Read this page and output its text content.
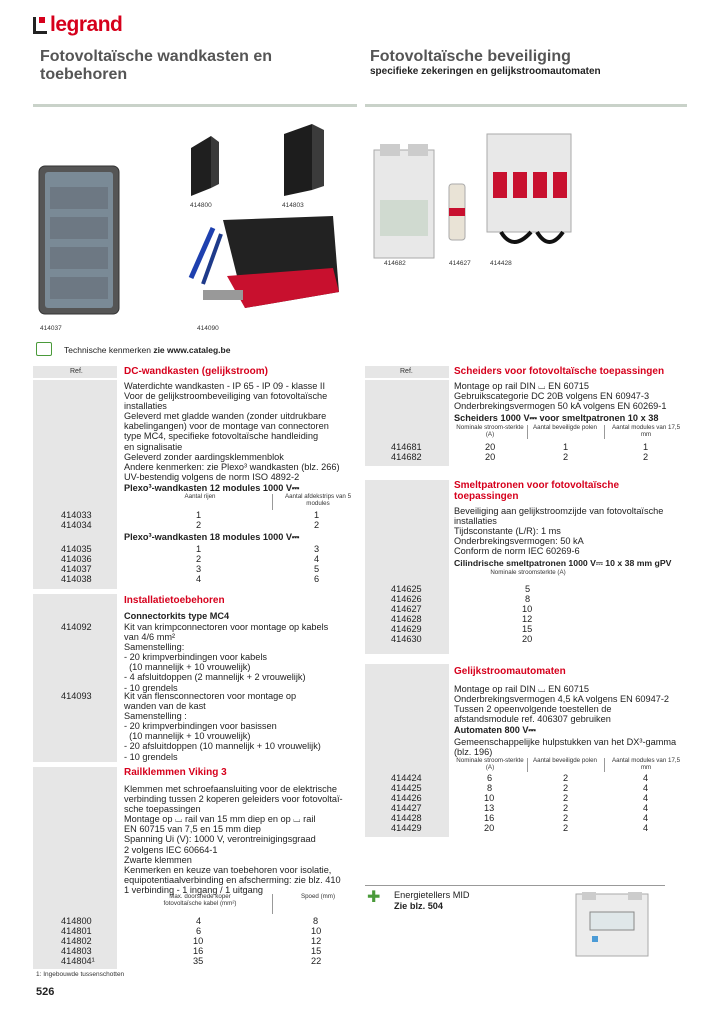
legrand
Fotovoltaïsche wandkasten en toebehoren
Fotovoltaïsche beveiliging
specifieke zekeringen en gelijkstroomautomaten
414037
414800	414803
414090
414682	414627	414428
Technische kenmerken zie www.cataleg.be
Ref.	DC-wandkasten (gelijkstroom)
Waterdichte wandkasten - IP 65 - IP 09 - klasse II
Voor de gelijkstroombeveiliging van fotovoltaïsche
installaties
Geleverd met gladde wanden (zonder uitdrukbare
kabelingangen) voor de montage van connectoren
type MC4, specifieke fotovoltaïsche handleiding
en signalisatie
Geleverd zonder aardingsklemmenblok
Andere kenmerken: zie Plexo³ wandkasten (blz. 266)
UV-bestendig volgens de norm ISO 4892-2
Plexo³-wandkasten 12 modules 1000 V⎓
Aantal rijen	Aantal afdekstrips van 5 modules
414033	1	1
414034	2	2
Plexo³-wandkasten 18 modules 1000 V⎓
414035	1	3
414036	2	4
414037	3	5
414038	4	6
Installatietoebehoren
Connectorkits type MC4
414092	Kit van krimpconnectoren voor montage op kabels
van 4/6 mm²
Samenstelling:
- 20 krimpverbindingen voor kabels
(10 mannelijk + 10 vrouwelijk)
- 4 afsluitdoppen (2 mannelijk + 2 vrouwelijk)
- 10 grendels
414093	Kit van flensconnectoren voor montage op
wanden van de kast
Samenstelling :
- 20 krimpverbindingen voor basissen
(10 mannelijk + 10 vrouwelijk)
- 20 afsluitdoppen (10 mannelijk + 10 vrouwelijk)
- 10 grendels
Railklemmen Viking 3
Klemmen met schroefaansluiting voor de elektrische
verbinding tussen 2 koperen geleiders voor fotovoltaï-
sche toepassingen
Montage op ⌴ rail van 15 mm diep en op ⌴ rail
EN 60715 van 7,5 en 15 mm diep
Spanning Ui (V): 1000 V, verontreinigingsgraad
2 volgens IEC 60664-1
Zwarte klemmen
Kenmerken en keuze van toebehoren voor isolatie,
equipotentiaalverbinding en afscherming: zie blz. 410
1 verbinding - 1 ingang / 1 uitgang
Max. doorsnede koper fotovoltaïsche kabel (mm²)
Spoed (mm)
414800	4	8
414801	6	10
414802	10	12
414803	16	15
414804¹	35	22
1: Ingebouwde tussenschotten
526
Ref.	Scheiders voor fotovoltaïsche toepassingen
Montage op rail DIN ⌴ EN 60715
Gebruikscategorie DC 20B volgens EN 60947-3
Onderbrekingsvermogen 50 kA volgens EN 60269-1
Scheiders 1000 V⎓ voor smeltpatronen 10 x 38
Nominale stroom-sterkte (A)
Aantal beveiligde polen	Aantal modules van 17,5 mm
414681	20	1	1
414682	20	2	2
Smeltpatronen voor fotovoltaïsche toepassingen
Beveiliging aan gelijkstroomzijde van fotovoltaïsche
installaties
Tijdsconstante (L/R): 1 ms
Onderbrekingsvermogen: 50 kA
Conform de norm IEC 60269-6
Cilindrische smeltpatronen 1000 V⎓ 10 x 38 mm gPV
Nominale stroomsterkte (A)
414625	5
414626	8
414627	10
414628	12
414629	15
414630	20
Gelijkstroomautomaten
Montage op rail DIN ⌴ EN 60715
Onderbrekingsvermogen 4,5 kA volgens EN 60947-2
Tussen 2 opeenvolgende toestellen de
afstandsmodule ref. 406307 gebruiken
Automaten 800 V⎓
Gemeenschappelijke hulpstukken van het DX³-gamma
(blz. 196)
Nominale stroom-sterkte (A)
Aantal beveiligde polen	Aantal modules van 17,5 mm
414424	6	2	4
414425	8	2	4
414426	10	2	4
414427	13	2	4
414428	16	2	4
414429	20	2	4
✚ Energietellers MID
Zie blz. 504
